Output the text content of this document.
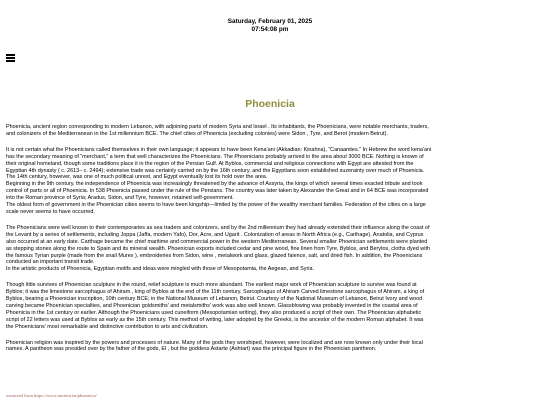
Saturday, February 01, 2025
07:54:08 pm
Phoenicia

Phoenicia, ancient region corresponding to modern Lebanon, with adjoining parts of modern Syria and Israel . Its inhabitants, the Phoenicians, were notable merchants, traders,
and colonizers of the Mediterranean in the 1st millennium BCE. The chief cities of Phoenicia (excluding colonies) were Sidon , Tyre, and Berot (modern Beirut).

It is not certain what the Phoenicians called themselves in their own language; it appears to have been Kena'ani (Akkadian: Kinahna), “Canaanites.” In Hebrew the word kena'ani
has the secondary meaning of “merchant,” a term that well characterizes the Phoenicians. The Phoenicians probably arrived in the area about 3000 BCE. Nothing is known of
their original homeland, though some traditions place it in the region of the Persian Gulf. At Byblos, commercial and religious connections with Egypt are attested from the
Egyptian 4th dynasty ( c. 2613– c. 2494); extensive trade was certainly carried on by the 16th century, and the Egyptians soon established suzerainty over much of Phoenicia.
The 14th century, however, was one of much political unrest, and Egypt eventually lost its hold over the area.
Beginning in the 9th century, the independence of Phoenicia was increasingly threatened by the advance of Assyria, the kings of which several times exacted tribute and took
control of parts or all of Phoenicia. In 538 Phoenicia passed under the rule of the Persians. The country was later taken by Alexander the Great and in 64 BCE was incorporated
into the Roman province of Syria; Aradus, Sidon, and Tyre, however, retained self-government.
The oldest form of government in the Phoenician cities seems to have been kingship—limited by the power of the wealthy merchant families. Federation of the cities on a large
scale never seems to have occurred.

The Phoenicians were well known to their contemporaries as sea traders and colonizers, and by the 2nd millennium they had already extended their influence along the coast of
the Levant by a series of settlements, including Joppa (Jaffa, modern Yafo), Dor, Acre, and Ugarit . Colonization of areas in North Africa (e.g., Carthage), Anatolia, and Cyprus
also occurred at an early date. Carthage became the chief maritime and commercial power in the western Mediterranean. Several smaller Phoenician settlements were planted
as stepping stones along the route to Spain and its mineral wealth. Phoenician exports included cedar and pine wood, fine linen from Tyre, Byblos, and Berytos, cloths dyed with
the famous Tyrian purple (made from the snail Murex ), embroideries from Sidon, wine , metalwork and glass, glazed faience, salt, and dried fish. In addition, the Phoenicians
conducted an important transit trade.
In the artistic products of Phoenicia, Egyptian motifs and ideas were mingled with those of Mesopotamia, the Aegean, and Syria.

Though little survives of Phoenician sculpture in the round, relief sculpture is much more abundant. The earliest major work of Phoenician sculpture to survive was found at
Byblos; it was the limestone sarcophagus of Ahiram , king of Byblos at the end of the 11th century. Sarcophagus of Ahiram Carved limestone sarcophagus of Ahiram, a king of
Byblos, bearing a Phoenician inscription, 10th century BCE; in the National Museum of Lebanon, Beirut. Courtesy of the National Museum of Lebanon, Beirut Ivory and wood
carving became Phoenician specialties, and Phoenician goldsmiths' and metalsmiths' work was also well known. Glassblowing was probably invented in the coastal area of
Phoenicia in the 1st century or earlier. Although the Phoenicians used cuneiform (Mesopotamian writing), they also produced a script of their own. The Phoenician alphabetic
script of 22 letters was used at Byblos as early as the 15th century. This method of writing, later adopted by the Greeks, is the ancestor of the modern Roman alphabet. It was
the Phoenicians' most remarkable and distinctive contribution to arts and civilization.

Phoenician religion was inspired by the powers and processes of nature. Many of the gods they worshiped, however, were localized and are now known only under their local
names. A pantheon was presided over by the father of the gods, El , but the goddess Astarte (Ashtart) was the principal figure in the Phoenician pantheon.

extracted from https://www.ancient.eu/phoenicia/
